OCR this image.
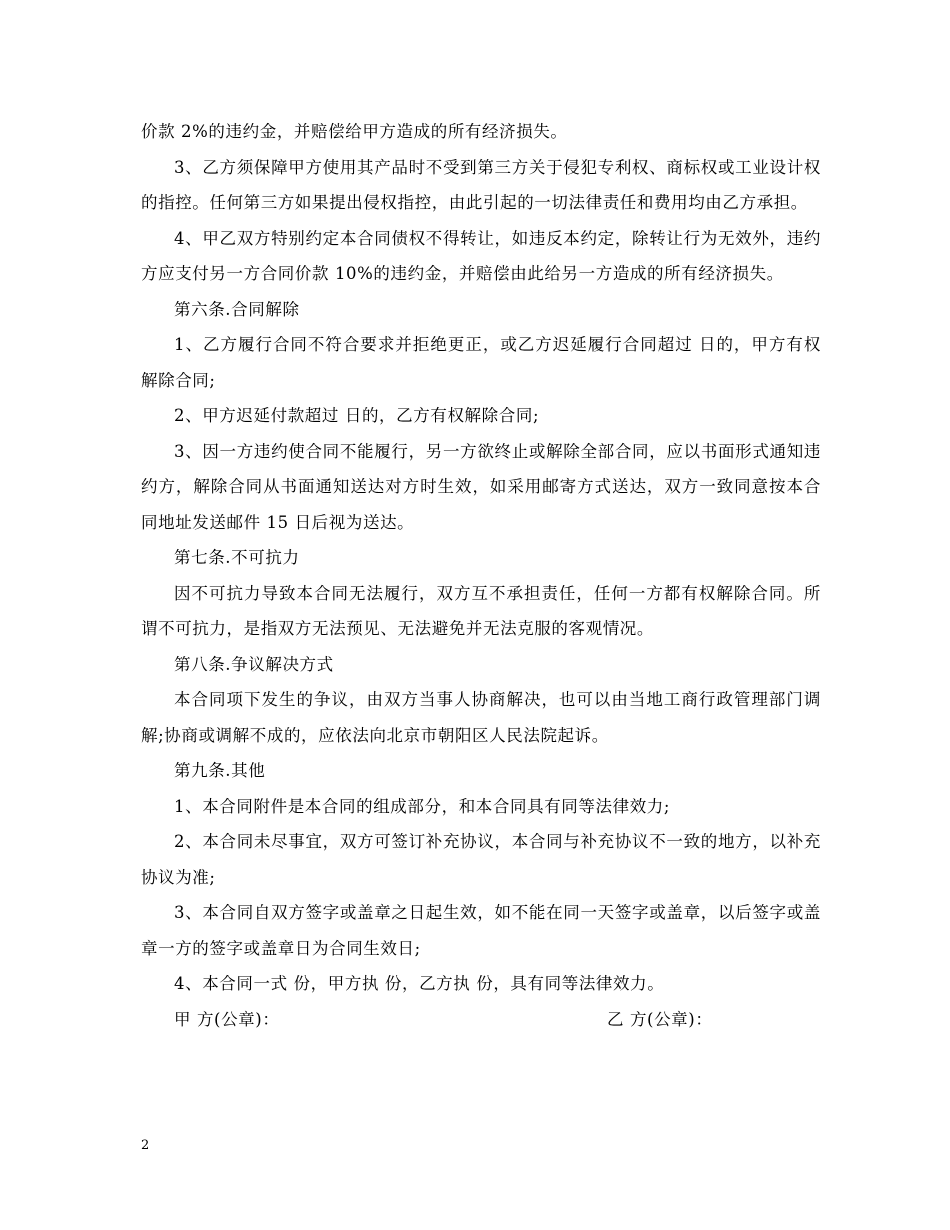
价款 2%的违约金，并赔偿给甲方造成的所有经济损失。

3、乙方须保障甲方使用其产品时不受到第三方关于侵犯专利权、商标权或工业设计权的指控。任何第三方如果提出侵权指控，由此引起的一切法律责任和费用均由乙方承担。

4、甲乙双方特别约定本合同债权不得转让，如违反本约定，除转让行为无效外，违约方应支付另一方合同价款 10%的违约金，并赔偿由此给另一方造成的所有经济损失。

第六条.合同解除

1、乙方履行合同不符合要求并拒绝更正，或乙方迟延履行合同超过 日的，甲方有权解除合同;

2、甲方迟延付款超过 日的，乙方有权解除合同;

3、因一方违约使合同不能履行，另一方欲终止或解除全部合同，应以书面形式通知违约方，解除合同从书面通知送达对方时生效，如采用邮寄方式送达，双方一致同意按本合同地址发送邮件 15 日后视为送达。

第七条.不可抗力

因不可抗力导致本合同无法履行，双方互不承担责任，任何一方都有权解除合同。所谓不可抗力，是指双方无法预见、无法避免并无法克服的客观情况。

第八条.争议解决方式

本合同项下发生的争议，由双方当事人协商解决，也可以由当地工商行政管理部门调解;协商或调解不成的，应依法向北京市朝阳区人民法院起诉。

第九条.其他

1、本合同附件是本合同的组成部分，和本合同具有同等法律效力;

2、本合同未尽事宜，双方可签订补充协议，本合同与补充协议不一致的地方，以补充协议为准;

3、本合同自双方签字或盖章之日起生效，如不能在同一天签字或盖章，以后签字或盖章一方的签字或盖章日为合同生效日;

4、本合同一式 份，甲方执 份，乙方执 份，具有同等法律效力。

甲 方(公章)：	乙 方(公章)：
2
